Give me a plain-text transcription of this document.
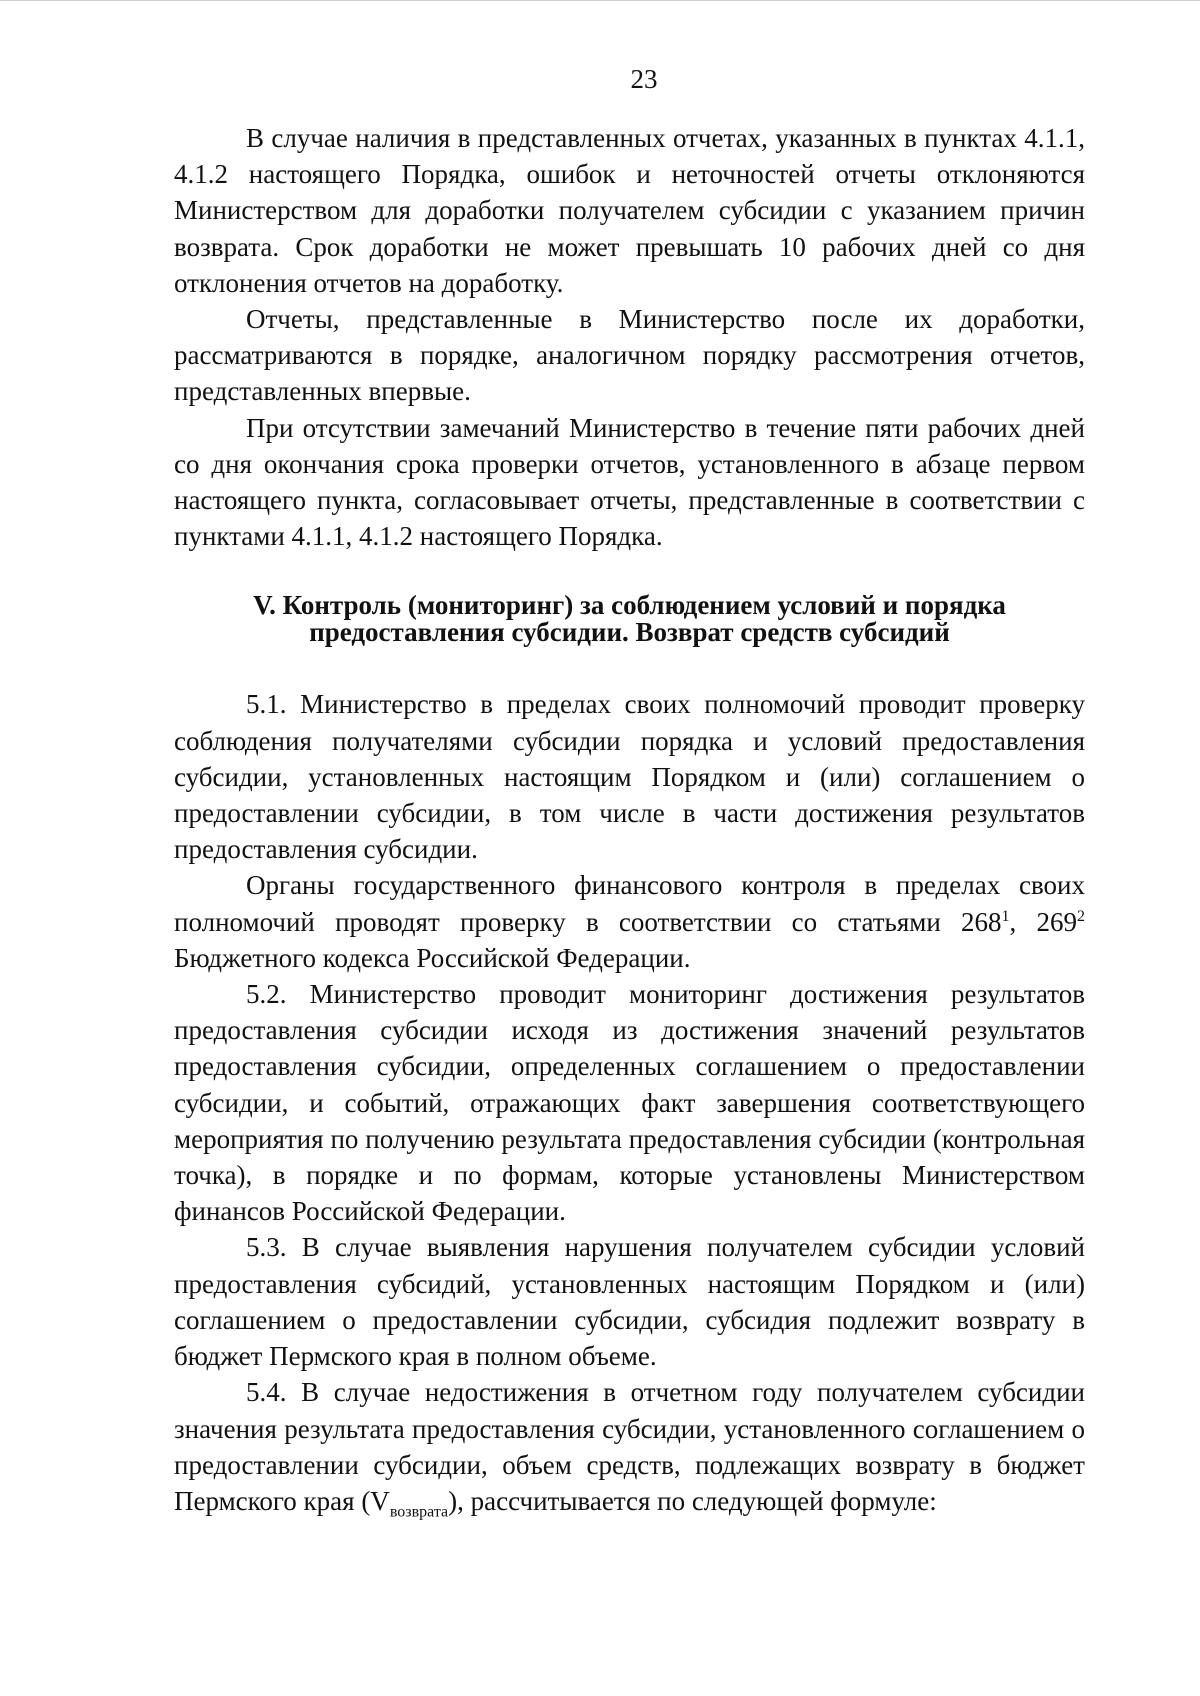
23

В случае наличия в представленных отчетах, указанных в пунктах 4.1.1, 4.1.2 настоящего Порядка, ошибок и неточностей отчеты отклоняются Министерством для доработки получателем субсидии с указанием причин возврата. Срок доработки не может превышать 10 рабочих дней со дня отклонения отчетов на доработку.

Отчеты, представленные в Министерство после их доработки, рассматриваются в порядке, аналогичном порядку рассмотрения отчетов, представленных впервые.

При отсутствии замечаний Министерство в течение пяти рабочих дней со дня окончания срока проверки отчетов, установленного в абзаце первом настоящего пункта, согласовывает отчеты, представленные в соответствии с пунктами 4.1.1, 4.1.2 настоящего Порядка.

V. Контроль (мониторинг) за соблюдением условий и порядка
предоставления субсидии. Возврат средств субсидий

5.1. Министерство в пределах своих полномочий проводит проверку соблюдения получателями субсидии порядка и условий предоставления субсидии, установленных настоящим Порядком и (или) соглашением о предоставлении субсидии, в том числе в части достижения результатов предоставления субсидии.

Органы государственного финансового контроля в пределах своих полномочий проводят проверку в соответствии со статьями $268^1$, $269^2$ Бюджетного кодекса Российской Федерации.

5.2. Министерство проводит мониторинг достижения результатов предоставления субсидии исходя из достижения значений результатов предоставления субсидии, определенных соглашением о предоставлении субсидии, и событий, отражающих факт завершения соответствующего мероприятия по получению результата предоставления субсидии (контрольная точка), в порядке и по формам, которые установлены Министерством финансов Российской Федерации.

5.3. В случае выявления нарушения получателем субсидии условий предоставления субсидий, установленных настоящим Порядком и (или) соглашением о предоставлении субсидии, субсидия подлежит возврату в бюджет Пермского края в полном объеме.

5.4. В случае недостижения в отчетном году получателем субсидии значения результата предоставления субсидии, установленного соглашением о предоставлении субсидии, объем средств, подлежащих возврату в бюджет Пермского края $(V_{возврата})$, рассчитывается по следующей формуле:
